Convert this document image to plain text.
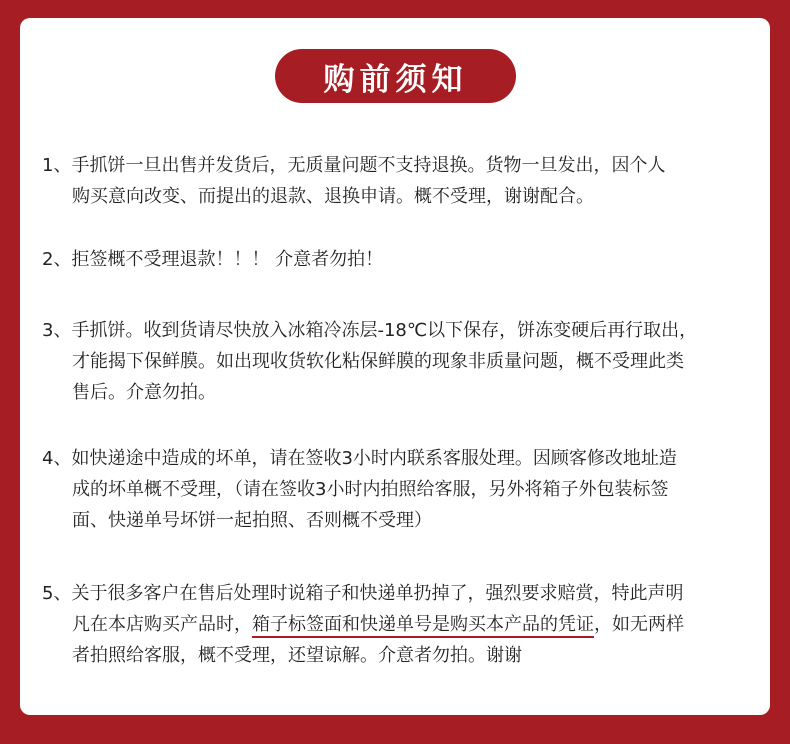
购前须知
1、手抓饼一旦出售并发货后，无质量问题不支持退换。货物一旦发出，因个人
购买意向改变、而提出的退款、退换申请。概不受理，谢谢配合。
2、拒签概不受理退款！！！ 介意者勿拍！
3、手抓饼。收到货请尽快放入冰箱冷冻层-18℃以下保存，饼冻变硬后再行取出，
才能揭下保鲜膜。如出现收货软化粘保鲜膜的现象非质量问题，概不受理此类
售后。介意勿拍。
4、如快递途中造成的坏单，请在签收3小时内联系客服处理。因顾客修改地址造
成的坏单概不受理，（请在签收3小时内拍照给客服，另外将箱子外包装标签
面、快递单号坏饼一起拍照、否则概不受理）
5、关于很多客户在售后处理时说箱子和快递单扔掉了，强烈要求赔赏，特此声明
凡在本店购买产品时，箱子标签面和快递单号是购买本产品的凭证，如无两样
者拍照给客服，概不受理，还望谅解。介意者勿拍。谢谢
